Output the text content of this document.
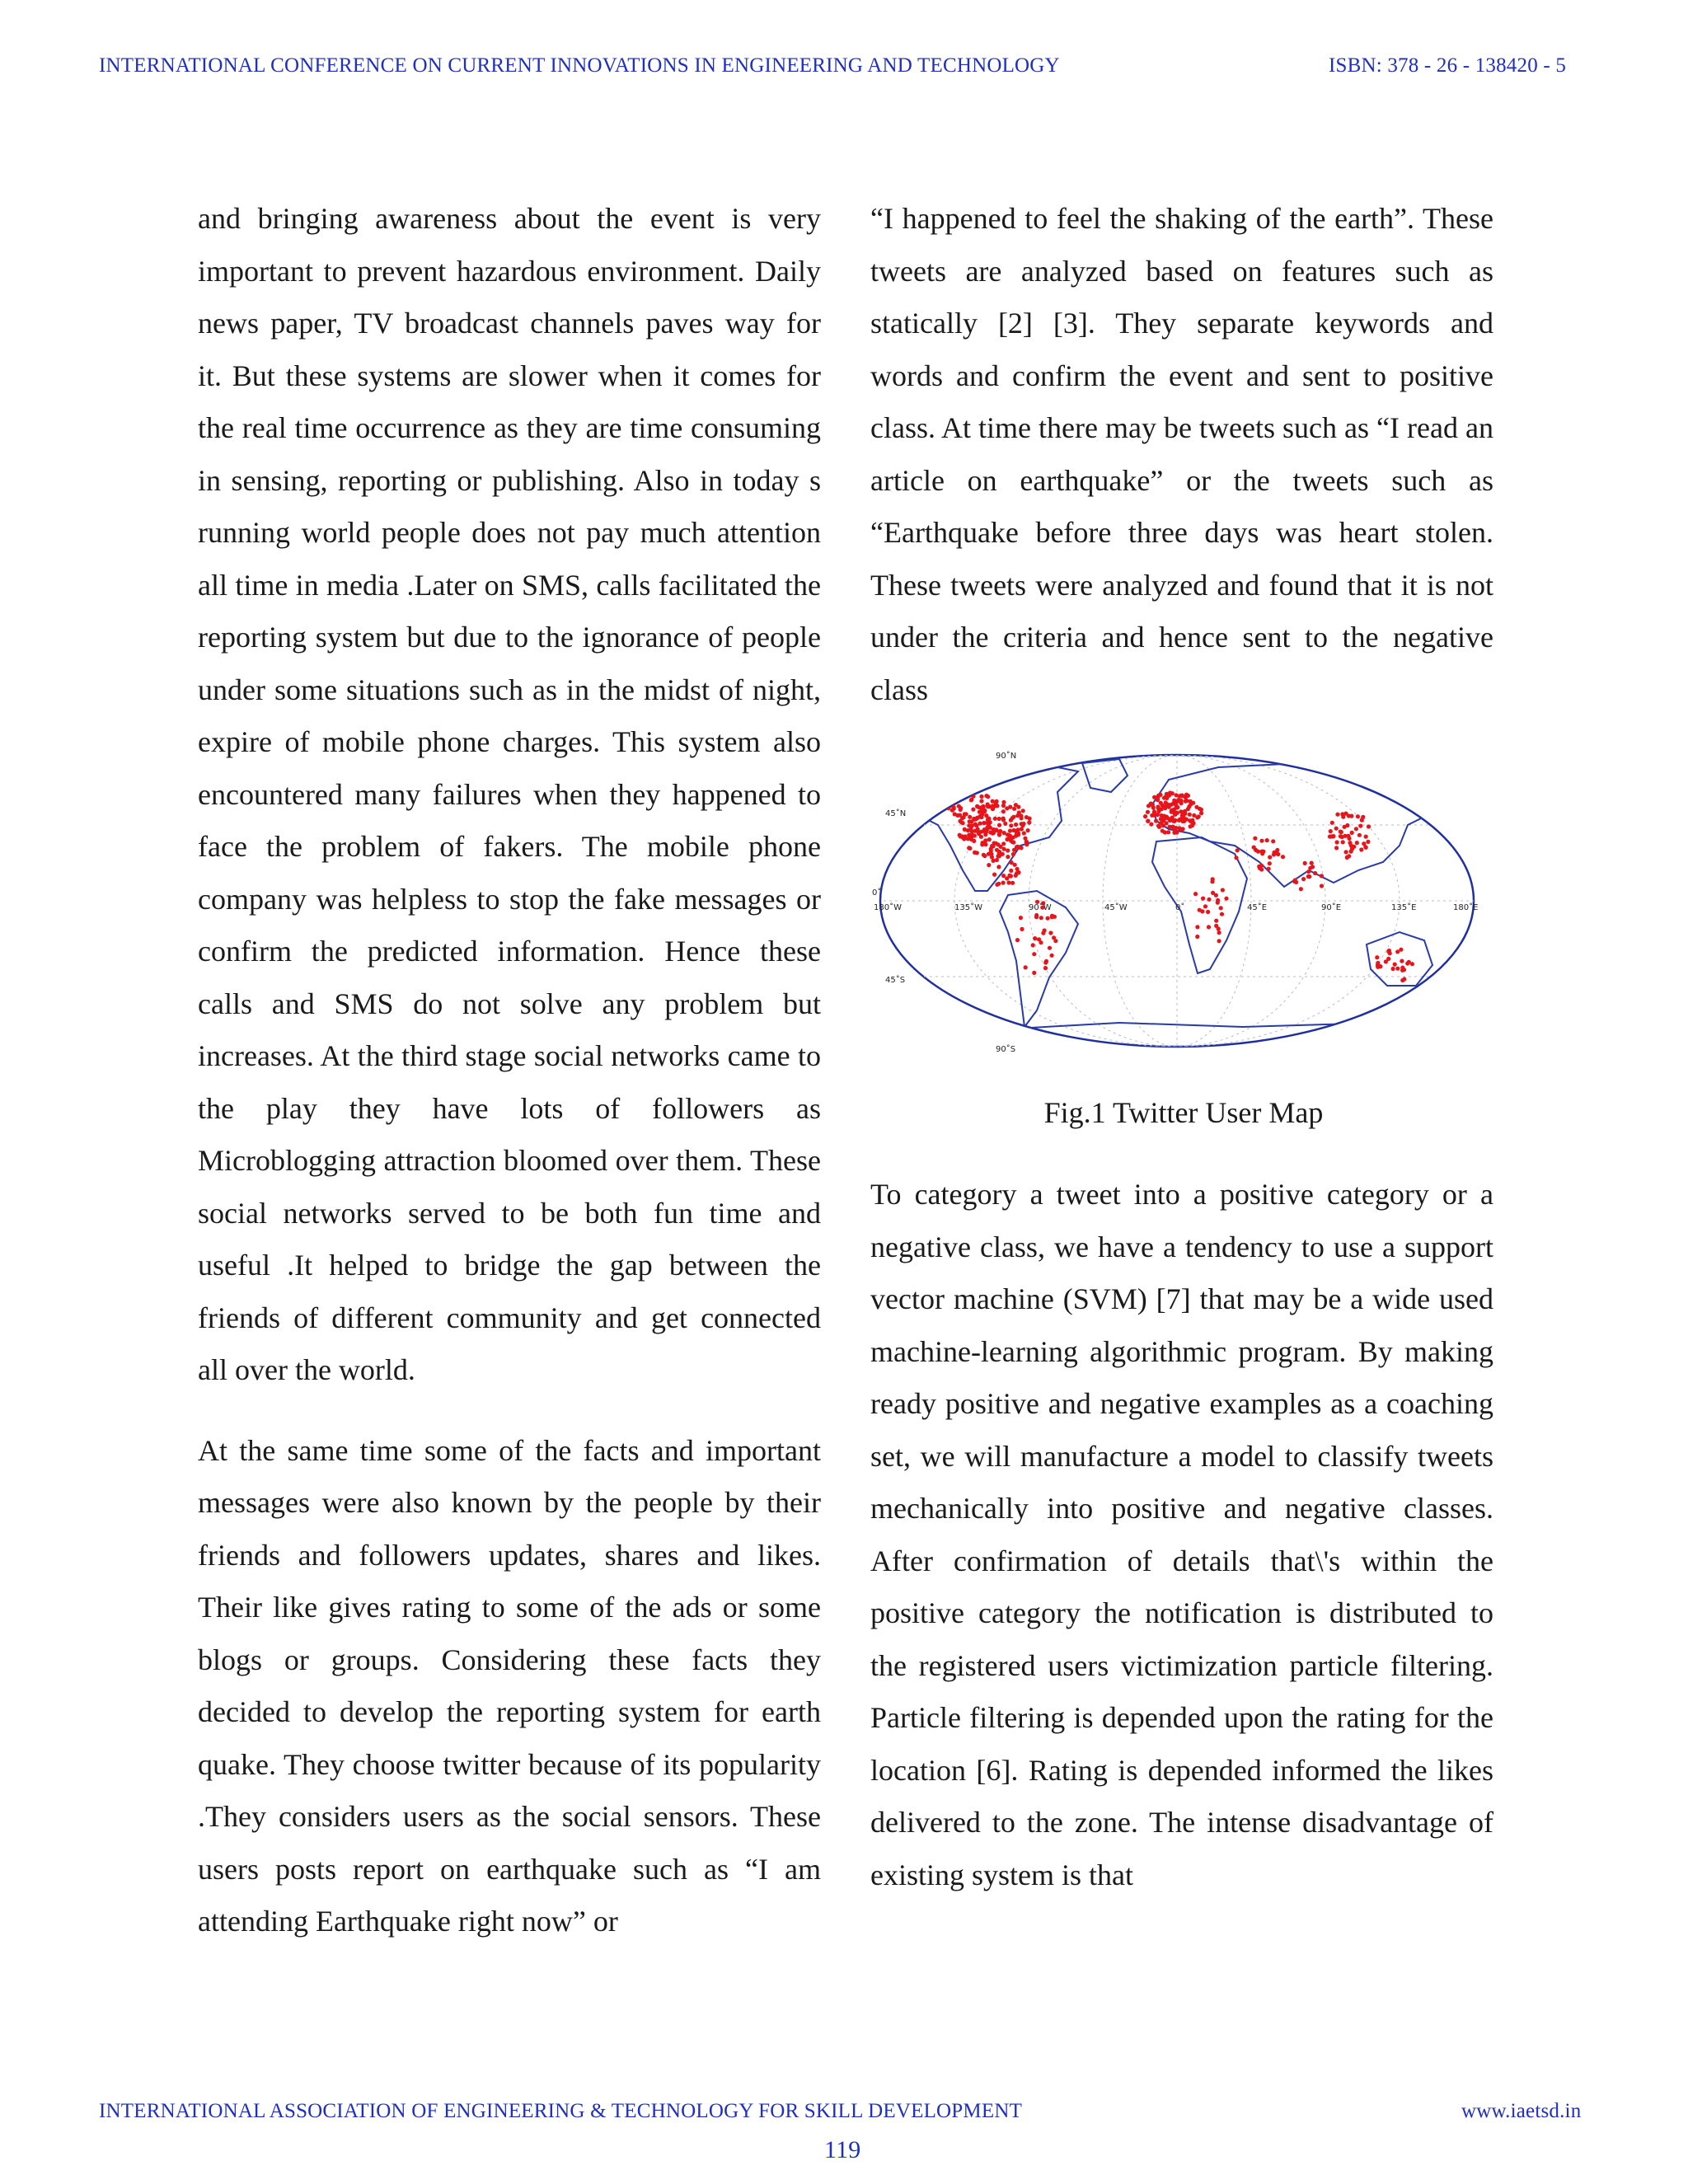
INTERNATIONAL CONFERENCE ON CURRENT INNOVATIONS IN ENGINEERING AND TECHNOLOGY	ISBN: 378 - 26 - 138420 - 5

and bringing awareness about the event is very important to prevent hazardous environment. Daily news paper, TV broadcast channels paves way for it. But these systems are slower when it comes for the real time occurrence as they are time consuming in sensing, reporting or publishing. Also in today s running world people does not pay much attention all time in media .Later on SMS, calls facilitated the reporting system but due to the ignorance of people under some situations such as in the midst of night, expire of mobile phone charges. This system also encountered many failures when they happened to face the problem of fakers. The mobile phone company was helpless to stop the fake messages or confirm the predicted information. Hence these calls and SMS do not solve any problem but increases. At the third stage social networks came to the play they have lots of followers as Microblogging attraction bloomed over them. These social networks served to be both fun time and useful .It helped to bridge the gap between the friends of different community and get connected all over the world.

At the same time some of the facts and important messages were also known by the people by their friends and followers updates, shares and likes. Their like gives rating to some of the ads or some blogs or groups. Considering these facts they decided to develop the reporting system for earth quake. They choose twitter because of its popularity .They considers users as the social sensors. These users posts report on earthquake such as “I am attending Earthquake right now” or

“I happened to feel the shaking of the earth”. These tweets are analyzed based on features such as statically [2] [3]. They separate keywords and words and confirm the event and sent to positive class. At time there may be tweets such as “I read an article on earthquake” or the tweets such as “Earthquake before three days was heart stolen. These tweets were analyzed and found that it is not under the criteria and hence sent to the negative class

90˚N
45˚N
0˚
45˚S
90˚S
180˚W	135˚W	90˚W	45˚W	0˚	45˚E	90˚E	135˚E	180˚E
Fig.1 Twitter User Map

To category a tweet into a positive category or a negative class, we have a tendency to use a support vector machine (SVM) [7] that may be a wide used machine-learning algorithmic program. By making ready positive and negative examples as a coaching set, we will manufacture a model to classify tweets mechanically into positive and negative classes. After confirmation of details that\'s within the positive category the notification is distributed to the registered users victimization particle filtering. Particle filtering is depended upon the rating for the location [6]. Rating is depended informed the likes delivered to the zone. The intense disadvantage of existing system is that

INTERNATIONAL ASSOCIATION OF ENGINEERING & TECHNOLOGY FOR SKILL DEVELOPMENT	www.iaetsd.in
119
